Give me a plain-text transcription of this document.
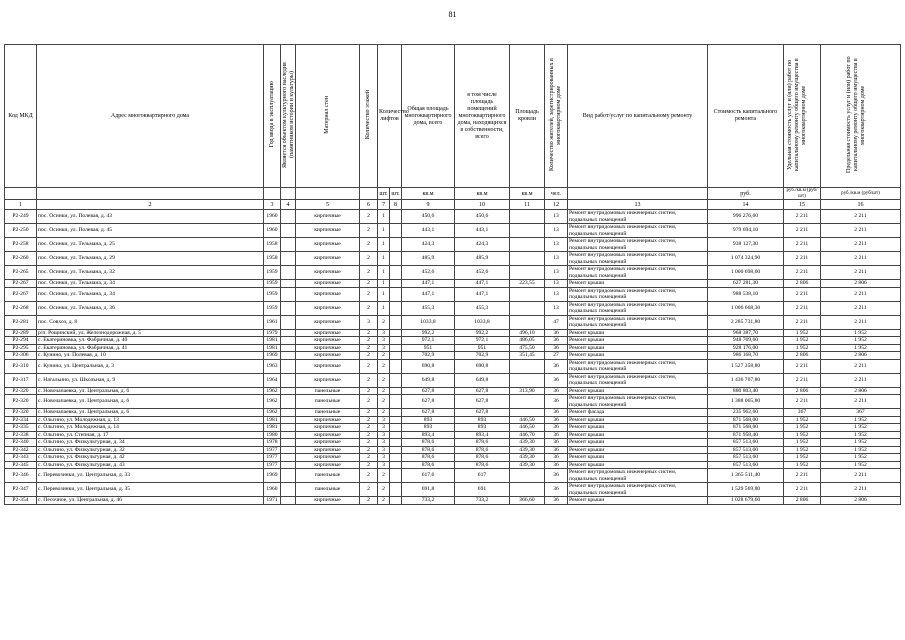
81
Код МКД	Адрес многоквартирного дома	Год ввода в эксплуатацию	Является объектом культурного наследия (памятником истории и культуры)	Материал стен	Количество этажей	Количество лифтов		Общая площадь многоквартирного дома, всего	в том числе площадь помещений многоквартирного дома, находящихся в собственности, всего	Площадь кровли	Количество жителей, зарегистрированных в многоквартирном доме	Вид работ/услуг по капитальному ремонту	Стоимость капитального ремонта	Удельная стоимость услуг и (или) работ по капитальному ремонту общего имущества в многоквартирном доме	Предельная стоимость услуг и (или) работ по капитальному ремонту общего имущества в многоквартирном доме

						шт.	шт.	кв.м	кв.м	кв.м	чел.		руб.	руб./кв.м (руб/шт)	руб./кв.м (руб/шт)
1	2	3	4	5	6	7	8	9	10	11	12	13	14	15	16
Р2-249	пос. Осинки, ул. Полевая, д. 43	1960		кирпичные	2	1		450,6	450,6		13	Ремонт внутридомовых инженерных систем, подвальных помещений	996 276,60	2 211	2 211
Р2-250	пос. Осинки, ул. Полевая, д. 45	1960		кирпичные	2	1		443,1	443,1		13	Ремонт внутридомовых инженерных систем, подвальных помещений	979 694,10	2 211	2 211
Р2-258	пос. Осинки, ул. Тельмана, д. 25	1958		кирпичные	2	1		424,3	424,3		13	Ремонт внутридомовых инженерных систем, подвальных помещений	938 127,30	2 211	2 211
Р2-260	пос. Осинки, ул. Тельмана, д. 29	1958		кирпичные	2	1		485,9	485,9		13	Ремонт внутридомовых инженерных систем, подвальных помещений	1 074 324,90	2 211	2 211
Р2-265	пос. Осинки, ул. Тельмана, д. 32	1959		кирпичные	2	1		452,6	452,6		13	Ремонт внутридомовых инженерных систем, подвальных помещений	1 000 698,60	2 211	2 211
Р2-267	пос. Осинки, ул. Тельмана, д. 34	1959		кирпичные	2	1		447,1	447,1	223,55	13	Ремонт крыши	627 281,30	2 806	2 806
Р2-267	пос. Осинки, ул. Тельмана, д. 34	1959		кирпичные	2	1		447,1	447,1		13	Ремонт внутридомовых инженерных систем, подвальных помещений	988 538,10	2 211	2 211
Р2-268	пос. Осинки, ул. Тельмана, д. 36	1959		кирпичные	2	1		455,3	455,3		13	Ремонт внутридомовых инженерных систем, подвальных помещений	1 006 668,30	2 211	2 211
Р2-281	пос. Совхоз, д. 8	1961		кирпичные	3	2		1033,8	1033,8		47	Ремонт внутридомовых инженерных систем, подвальных помещений	2 285 731,80	2 211	2 211
Р2-289	р/п. Рощинский, ул. Железнодорожная, д. 5	1979		кирпичные	2	3		992,2	992,2	496,10	36	Ремонт крыши	968 387,70	1 952	1 952
Р2-294	с. Екатериновка, ул. Фабричная, д. 40	1981		кирпичные	2	3		972,1	972,1	486,05	36	Ремонт крыши	948 769,60	1 952	1 952
Р2-295	с. Екатериновка, ул. Фабричная, д. 41	1981		кирпичные	2	3		951	951	475,50	36	Ремонт крыши	928 176,00	1 952	1 952
Р2-306	с. Кунино, ул. Полевая, д. 10	1969		кирпичные	2	2		702,9	702,9	351,45	27	Ремонт крыши	986 168,70	2 806	2 806
Р2-310	с. Кунино, ул. Центральная, д. 3	1963		кирпичные	2	2		690,8	690,8		36	Ремонт внутридомовых инженерных систем, подвальных помещений	1 527 358,80	2 211	2 211
Р2-317	с. Натальино, ул. Школьная, д. 9	1964		кирпичные	2	2		649,8	649,8		36	Ремонт внутридомовых инженерных систем, подвальных помещений	1 436 707,80	2 211	2 211
Р2-320	с. Новочапаевка, ул. Центральная, д. 6	1962		панельные	2	2		627,8	627,8	313,90	36	Ремонт крыши	880 803,40	2 806	2 806
Р2-320	с. Новочапаевка, ул. Центральная, д. 6	1962		панельные	2	2		627,8	627,8		36	Ремонт внутридомовых инженерных систем, подвальных помещений	1 388 065,80	2 211	2 211
Р2-320	с. Новочапаевка, ул. Центральная, д. 6	1962		панельные	2	2		627,8	627,8		36	Ремонт фасада	235 962,60	367	367
Р2-334	с. Ольгино, ул. Молодежная, д. 13	1981		кирпичные	2	3		893	893	446,50	36	Ремонт крыши	871 568,00	1 952	1 952
Р2-335	с. Ольгино, ул. Молодежная, д. 14	1981		кирпичные	2	3		893	893	446,50	36	Ремонт крыши	871 568,00	1 952	1 952
Р2-338	с. Ольгино, ул. Степная, д. 17	1980		кирпичные	2	3		893,4	893,4	446,70	36	Ремонт крыши	871 958,40	1 952	1 952
Р2-340	с. Ольгино, ул. Физкультурная, д. 34	1978		кирпичные	2	3		878,6	878,6	439,30	36	Ремонт крыши	857 513,60	1 952	1 952
Р2-342	с. Ольгино, ул. Физкультурная, д. 32	1977		кирпичные	2	3		878,6	878,6	439,30	36	Ремонт крыши	857 513,60	1 952	1 952
Р2-343	с. Ольгино, ул. Физкультурная, д. 42	1977		кирпичные	2	3		878,6	878,6	439,30	36	Ремонт крыши	857 513,60	1 952	1 952
Р2-345	с. Ольгино, ул. Физкультурная, д. 43	1977		кирпичные	2	3		878,6	878,6	439,30	36	Ремонт крыши	857 513,60	1 952	1 952
Р2-346	с. Перевозинки, ул. Центральная, д. 33	1969		панельные	2	2		617,6	617		36	Ремонт внутридомовых инженерных систем, подвальных помещений	1 365 511,40	2 211	2 211
Р2-347	с. Перевозинки, ул. Центральная, д. 35	1960		панельные	2	2		691,8	691		36	Ремонт внутридомовых инженерных систем, подвальных помещений	1 529 569,80	2 211	2 211
Р2-354	с. Песочное, ул. Центральная, д. 46	1971		кирпичные	2	2		733,2	733,2	366,60	36	Ремонт крыши	1 028 679,60	2 806	2 806
